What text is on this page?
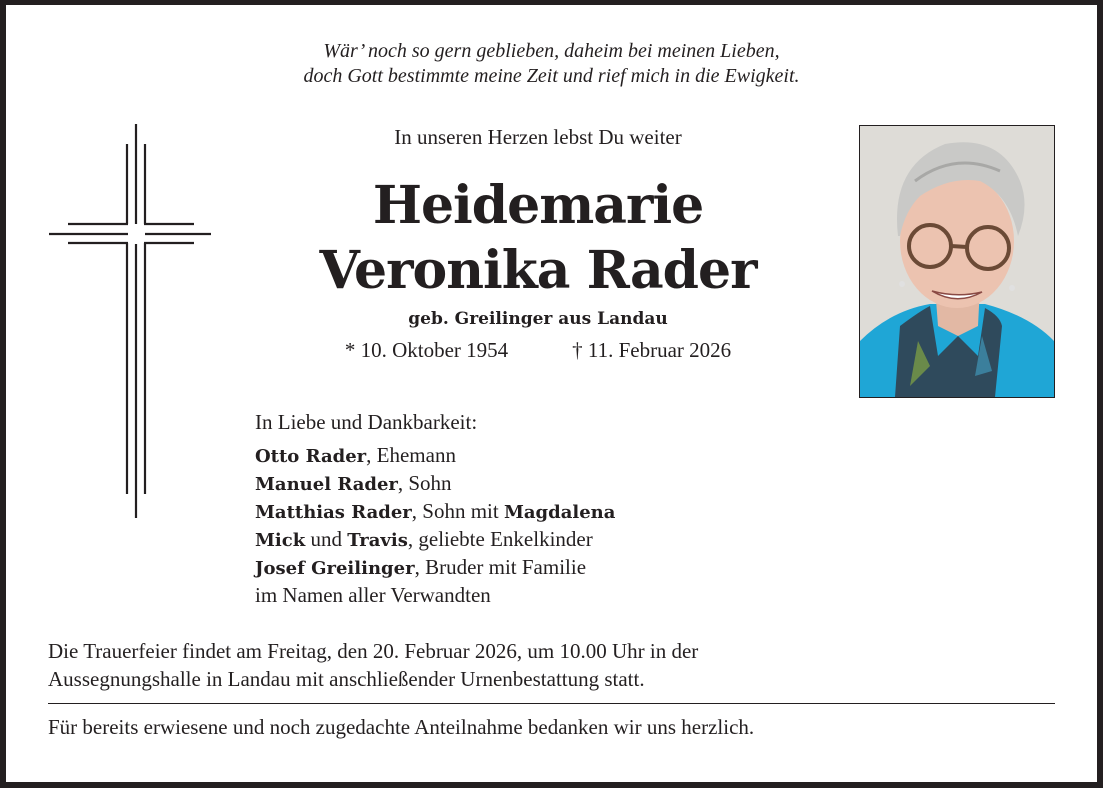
Wär’ noch so gern geblieben, daheim bei meinen Lieben,
doch Gott bestimmte meine Zeit und rief mich in die Ewigkeit.
In unseren Herzen lebst Du weiter
Heidemarie
Veronika Rader
geb. Greilinger aus Landau
* 10. Oktober 1954	† 11. Februar 2026
In Liebe und Dankbarkeit:
Otto Rader, Ehemann
Manuel Rader, Sohn
Matthias Rader, Sohn mit Magdalena
Mick und Travis, geliebte Enkelkinder
Josef Greilinger, Bruder mit Familie
im Namen aller Verwandten
Die Trauerfeier findet am Freitag, den 20. Februar 2026, um 10.00 Uhr in der
Aussegnungshalle in Landau mit anschließender Urnenbestattung statt.
Für bereits erwiesene und noch zugedachte Anteilnahme bedanken wir uns herzlich.
